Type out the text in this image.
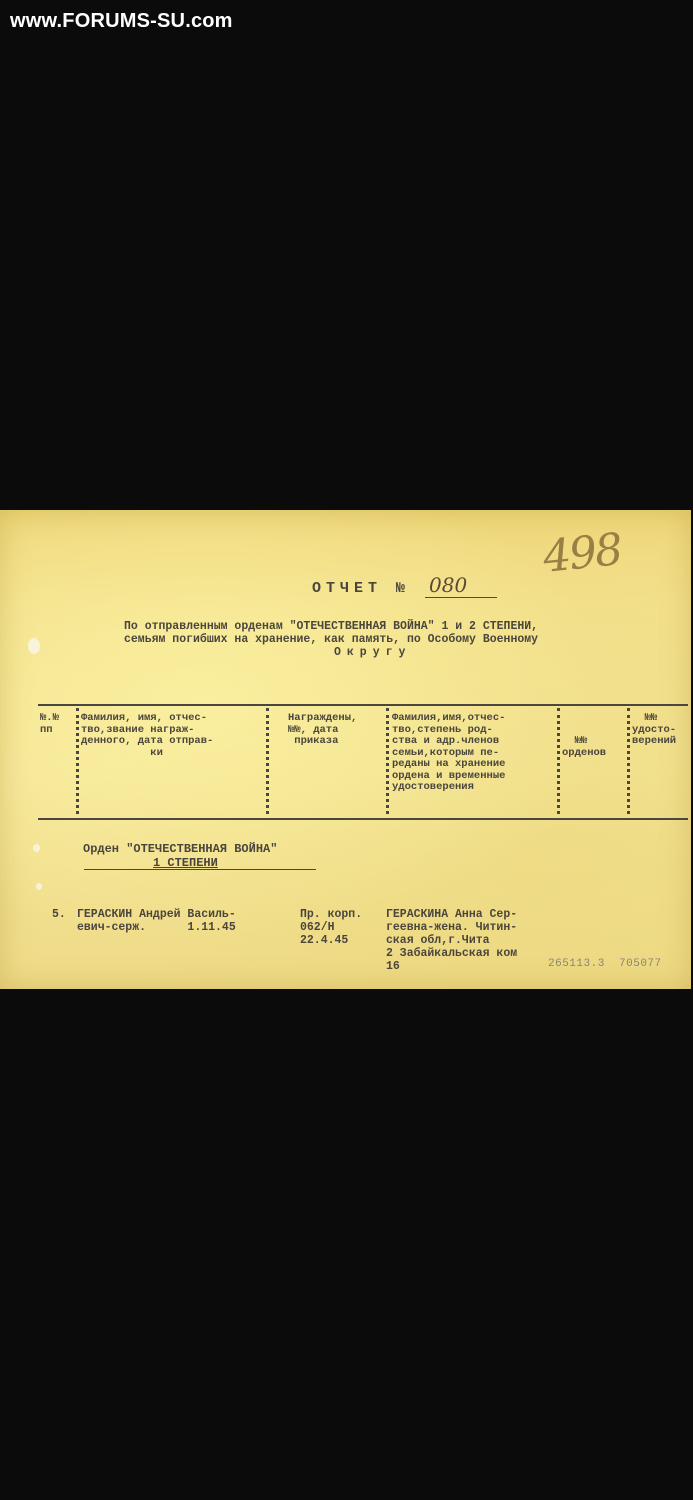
www.FORUMS-SU.com
498
ОТЧЕТ № 080
По отправленным орденам "ОТЕЧЕСТВЕННАЯ ВОЙНА" 1 и 2 СТЕПЕНИ,
семьям погибших на хранение, как память, по Особому Военному
Округу
№.№
пп
Фамилия, имя, отчес-
тво,звание награж-
денного, дата отправ-
ки
Награждены,
№№, дата
приказа
Фамилия,имя,отчес-
тво,степень род-
ства и адр.членов
семьи,которым пе-
реданы на хранение
ордена и временные
удостоверения

№№
орденов
№№
удосто-
верений
Орден "ОТЕЧЕСТВЕННАЯ ВОЙНА"
1 СТЕПЕНИ
5. ГЕРАСКИН Андрей Василь-
евич-серж.      1.11.45
Пр. корп.
062/Н
22.4.45
ГЕРАСКИНА Анна Сер-
геевна-жена. Читин-
ская обл,г.Чита
2 Забайкальская ком
16	265113.3  705077
